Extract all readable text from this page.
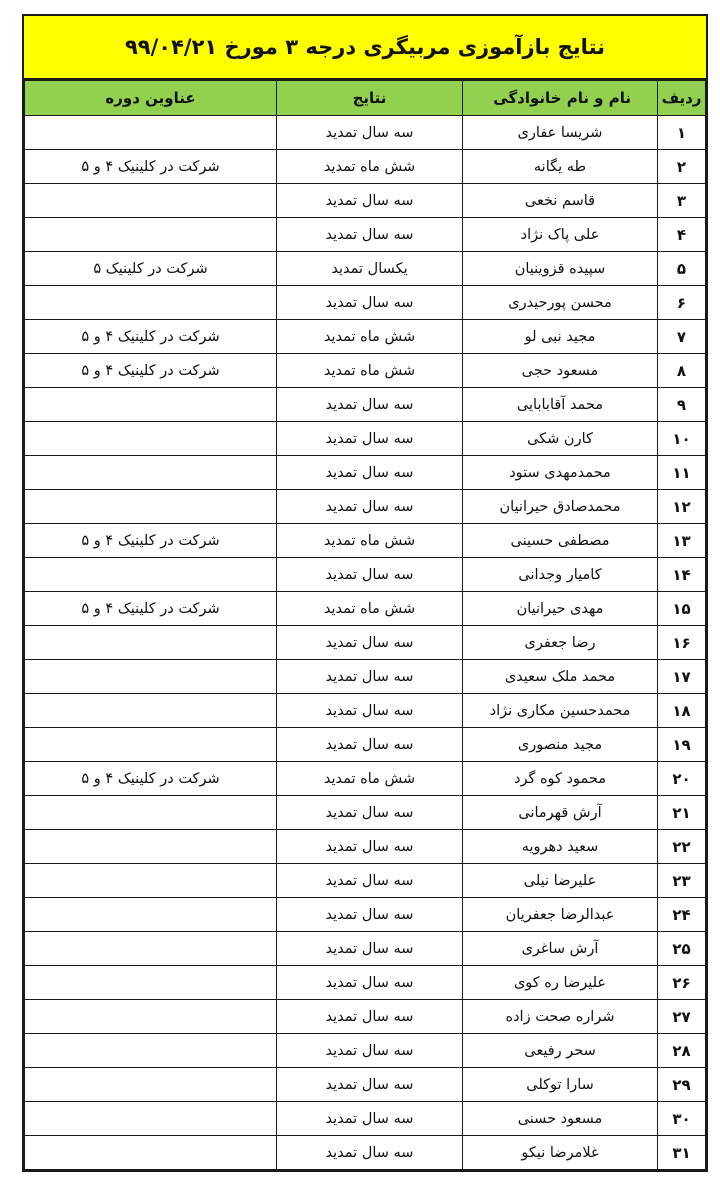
نتایج بازآموزی مربیگری درجه ۳ مورخ ۹۹/۰۴/۲۱
ردیف	نام و نام خانوادگی	نتایج	عناوین دوره
۱	شریسا عفاری	سه سال تمدید	
۲	طه یگانه	شش ماه تمدید	شرکت در کلینیک ۴ و ۵
۳	قاسم نخعی	سه سال تمدید	
۴	علی پاک نژاد	سه سال تمدید	
۵	سپیده قزوینیان	یکسال تمدید	شرکت در کلینیک ۵
۶	محسن پورحیدری	سه سال تمدید	
۷	مجید نبی لو	شش ماه تمدید	شرکت در کلینیک ۴ و ۵
۸	مسعود حجی	شش ماه تمدید	شرکت در کلینیک ۴ و ۵
۹	محمد آقابابایی	سه سال تمدید	
۱۰	کارن شکی	سه سال تمدید	
۱۱	محمدمهدی ستود	سه سال تمدید	
۱۲	محمدصادق حیرانیان	سه سال تمدید	
۱۳	مصطفی حسینی	شش ماه تمدید	شرکت در کلینیک ۴ و ۵
۱۴	کامیار وجدانی	سه سال تمدید	
۱۵	مهدی حیرانیان	شش ماه تمدید	شرکت در کلینیک ۴ و ۵
۱۶	رضا جعفری	سه سال تمدید	
۱۷	محمد ملک سعیدی	سه سال تمدید	
۱۸	محمدحسین مکاری نژاد	سه سال تمدید	
۱۹	مجید منصوری	سه سال تمدید	
۲۰	محمود کوه گرد	شش ماه تمدید	شرکت در کلینیک ۴ و ۵
۲۱	آرش قهرمانی	سه سال تمدید	
۲۲	سعید دهرویه	سه سال تمدید	
۲۳	علیرضا نیلی	سه سال تمدید	
۲۴	عبدالرضا جعفریان	سه سال تمدید	
۲۵	آرش ساغری	سه سال تمدید	
۲۶	علیرضا ره کوی	سه سال تمدید	
۲۷	شراره صحت زاده	سه سال تمدید	
۲۸	سحر رفیعی	سه سال تمدید	
۲۹	سارا توکلی	سه سال تمدید	
۳۰	مسعود حسنی	سه سال تمدید	
۳۱	غلامرضا نیکو	سه سال تمدید	
